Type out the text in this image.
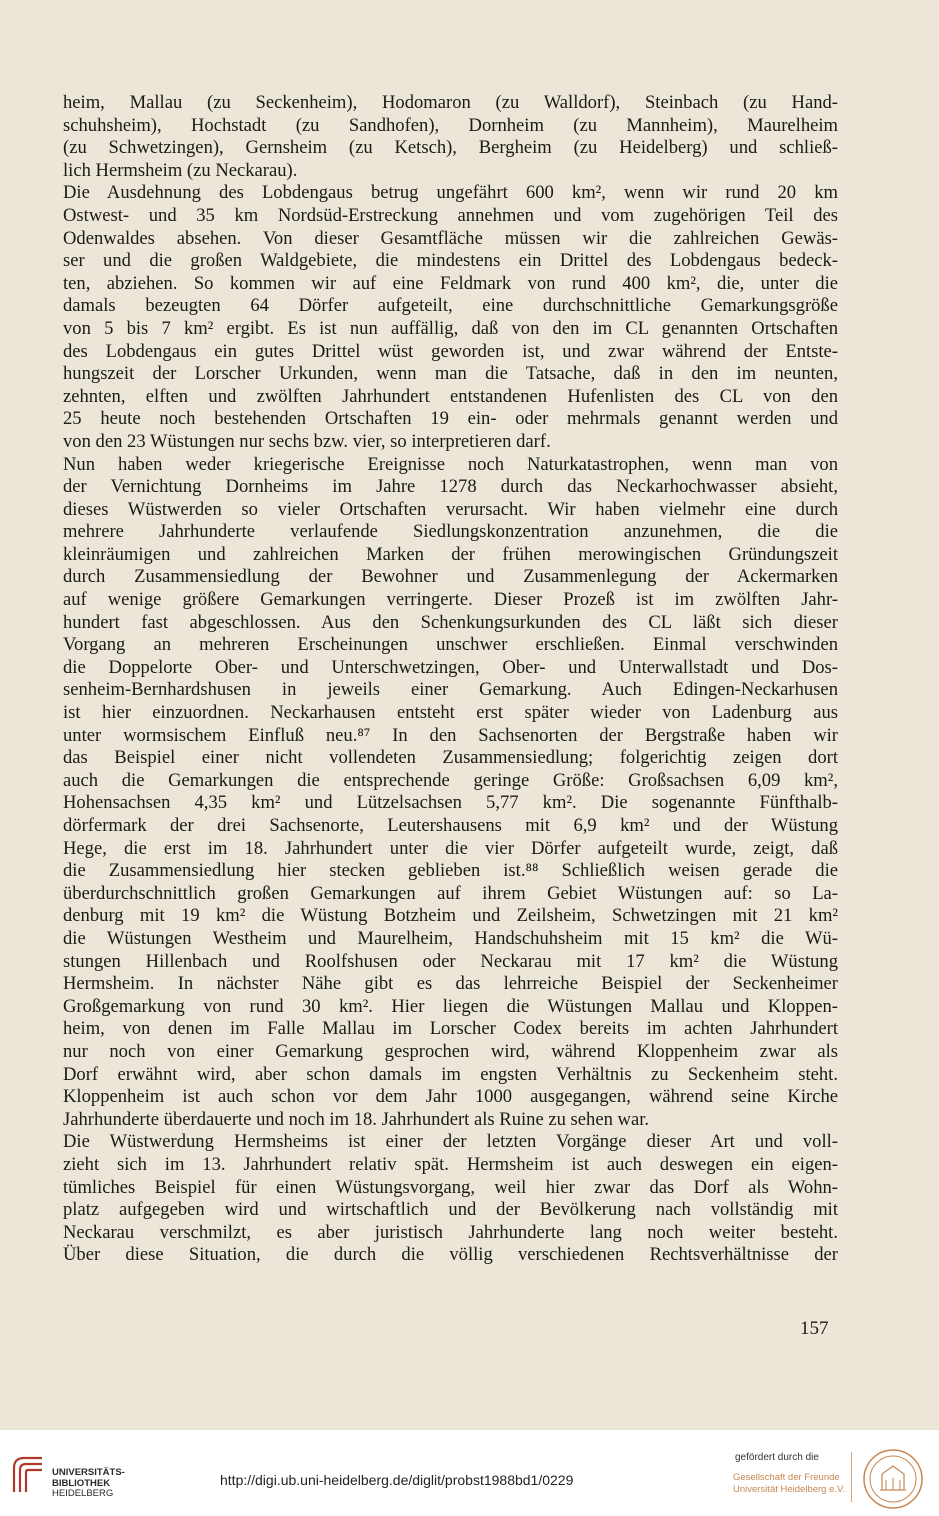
heim, Mallau (zu Seckenheim), Hodomaron (zu Walldorf), Steinbach (zu Hand-
schuhsheim), Hochstadt (zu Sandhofen), Dornheim (zu Mannheim), Maurelheim
(zu Schwetzingen), Gernsheim (zu Ketsch), Bergheim (zu Heidelberg) und schließ-
lich Hermsheim (zu Neckarau).
Die Ausdehnung des Lobdengaus betrug ungefährt 600 km², wenn wir rund 20 km
Ostwest- und 35 km Nordsüd-Erstreckung annehmen und vom zugehörigen Teil des
Odenwaldes absehen. Von dieser Gesamtfläche müssen wir die zahlreichen Gewäs-
ser und die großen Waldgebiete, die mindestens ein Drittel des Lobdengaus bedeck-
ten, abziehen. So kommen wir auf eine Feldmark von rund 400 km², die, unter die
damals bezeugten 64 Dörfer aufgeteilt, eine durchschnittliche Gemarkungsgröße
von 5 bis 7 km² ergibt. Es ist nun auffällig, daß von den im CL genannten Ortschaften
des Lobdengaus ein gutes Drittel wüst geworden ist, und zwar während der Entste-
hungszeit der Lorscher Urkunden, wenn man die Tatsache, daß in den im neunten,
zehnten, elften und zwölften Jahrhundert entstandenen Hufenlisten des CL von den
25 heute noch bestehenden Ortschaften 19 ein- oder mehrmals genannt werden und
von den 23 Wüstungen nur sechs bzw. vier, so interpretieren darf.
Nun haben weder kriegerische Ereignisse noch Naturkatastrophen, wenn man von
der Vernichtung Dornheims im Jahre 1278 durch das Neckarhochwasser absieht,
dieses Wüstwerden so vieler Ortschaften verursacht. Wir haben vielmehr eine durch
mehrere Jahrhunderte verlaufende Siedlungskonzentration anzunehmen, die die
kleinräumigen und zahlreichen Marken der frühen merowingischen Gründungszeit
durch Zusammensiedlung der Bewohner und Zusammenlegung der Ackermarken
auf wenige größere Gemarkungen verringerte. Dieser Prozeß ist im zwölften Jahr-
hundert fast abgeschlossen. Aus den Schenkungsurkunden des CL läßt sich dieser
Vorgang an mehreren Erscheinungen unschwer erschließen. Einmal verschwinden
die Doppelorte Ober- und Unterschwetzingen, Ober- und Unterwallstadt und Dos-
senheim-Bernhardshusen in jeweils einer Gemarkung. Auch Edingen-Neckarhusen
ist hier einzuordnen. Neckarhausen entsteht erst später wieder von Ladenburg aus
unter wormsischem Einfluß neu.⁸⁷ In den Sachsenorten der Bergstraße haben wir
das Beispiel einer nicht vollendeten Zusammensiedlung; folgerichtig zeigen dort
auch die Gemarkungen die entsprechende geringe Größe: Großsachsen 6,09 km²,
Hohensachsen 4,35 km² und Lützelsachsen 5,77 km². Die sogenannte Fünfthalb-
dörfermark der drei Sachsenorte, Leutershausens mit 6,9 km² und der Wüstung
Hege, die erst im 18. Jahrhundert unter die vier Dörfer aufgeteilt wurde, zeigt, daß
die Zusammensiedlung hier stecken geblieben ist.⁸⁸ Schließlich weisen gerade die
überdurchschnittlich großen Gemarkungen auf ihrem Gebiet Wüstungen auf: so La-
denburg mit 19 km² die Wüstung Botzheim und Zeilsheim, Schwetzingen mit 21 km²
die Wüstungen Westheim und Maurelheim, Handschuhsheim mit 15 km² die Wü-
stungen Hillenbach und Roolfshusen oder Neckarau mit 17 km² die Wüstung
Hermsheim. In nächster Nähe gibt es das lehrreiche Beispiel der Seckenheimer
Großgemarkung von rund 30 km². Hier liegen die Wüstungen Mallau und Kloppen-
heim, von denen im Falle Mallau im Lorscher Codex bereits im achten Jahrhundert
nur noch von einer Gemarkung gesprochen wird, während Kloppenheim zwar als
Dorf erwähnt wird, aber schon damals im engsten Verhältnis zu Seckenheim steht.
Kloppenheim ist auch schon vor dem Jahr 1000 ausgegangen, während seine Kirche
Jahrhunderte überdauerte und noch im 18. Jahrhundert als Ruine zu sehen war.
Die Wüstwerdung Hermsheims ist einer der letzten Vorgänge dieser Art und voll-
zieht sich im 13. Jahrhundert relativ spät. Hermsheim ist auch deswegen ein eigen-
tümliches Beispiel für einen Wüstungsvorgang, weil hier zwar das Dorf als Wohn-
platz aufgegeben wird und wirtschaftlich und der Bevölkerung nach vollständig mit
Neckarau verschmilzt, es aber juristisch Jahrhunderte lang noch weiter besteht.
Über diese Situation, die durch die völlig verschiedenen Rechtsverhältnisse der
157
UNIVERSITÄTS-
BIBLIOTHEK
HEIDELBERG
http://digi.ub.uni-heidelberg.de/diglit/probst1988bd1/0229
gefördert durch die
Gesellschaft der Freunde
Universität Heidelberg e.V.
